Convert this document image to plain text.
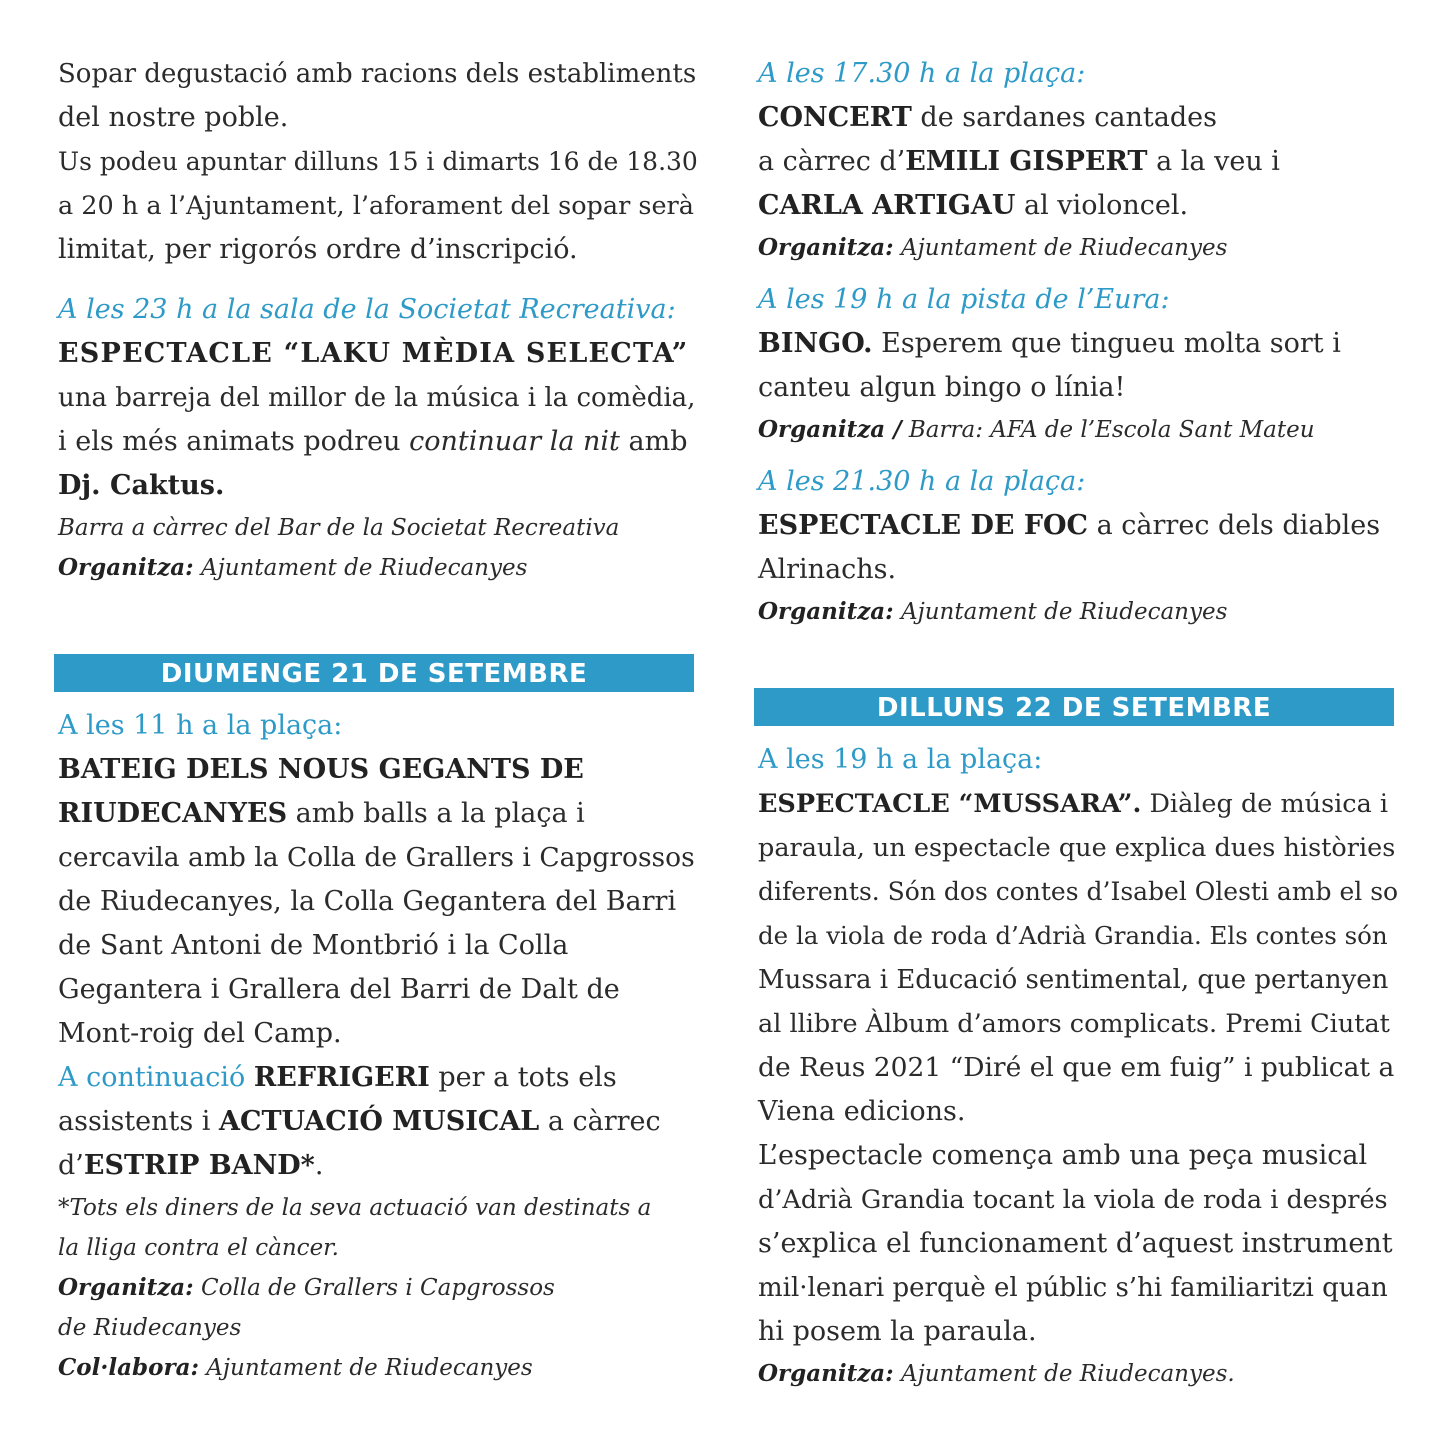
Sopar degustació amb racions dels establiments

del nostre poble.

Us podeu apuntar dilluns 15 i dimarts 16 de 18.30

a 20 h a l’Ajuntament, l’aforament del sopar serà

limitat, per rigorós ordre d’inscripció.

A les 23 h a la sala de la Societat Recreativa:

ESPECTACLE “LAKU MÈDIA SELECTA”

una barreja del millor de la música i la comèdia,

i els més animats podreu continuar la nit amb

Dj. Caktus.

Barra a càrrec del Bar de la Societat Recreativa

Organitza: Ajuntament de Riudecanyes

DIUMENGE 21 DE SETEMBRE

A les 11 h a la plaça:

BATEIG DELS NOUS GEGANTS DE

RIUDECANYES amb balls a la plaça i

cercavila amb la Colla de Grallers i Capgrossos

de Riudecanyes, la Colla Gegantera del Barri

de Sant Antoni de Montbrió i la Colla

Gegantera i Grallera del Barri de Dalt de

Mont-roig del Camp.

A continuació REFRIGERI per a tots els

assistents i ACTUACIÓ MUSICAL a càrrec

d’ESTRIP BAND*.

*Tots els diners de la seva actuació van destinats a

la lliga contra el càncer.

Organitza: Colla de Grallers i Capgrossos

de Riudecanyes

Col·labora: Ajuntament de Riudecanyes

A les 17.30 h a la plaça:

CONCERT de sardanes cantades

a càrrec d’EMILI GISPERT a la veu i

CARLA ARTIGAU al violoncel.

Organitza: Ajuntament de Riudecanyes

A les 19 h a la pista de l’Eura:

BINGO. Esperem que tingueu molta sort i

canteu algun bingo o línia!

Organitza / Barra: AFA de l’Escola Sant Mateu

A les 21.30 h a la plaça:

ESPECTACLE DE FOC a càrrec dels diables

Alrinachs.

Organitza: Ajuntament de Riudecanyes

DILLUNS 22 DE SETEMBRE

A les 19 h a la plaça:

ESPECTACLE “MUSSARA”. Diàleg de música i

paraula, un espectacle que explica dues històries

diferents. Són dos contes d’Isabel Olesti amb el so

de la viola de roda d’Adrià Grandia. Els contes són

Mussara i Educació sentimental, que pertanyen

al llibre Àlbum d’amors complicats. Premi Ciutat

de Reus 2021 “Diré el que em fuig” i publicat a

Viena edicions.

L’espectacle comença amb una peça musical

d’Adrià Grandia tocant la viola de roda i després

s’explica el funcionament d’aquest instrument

mil·lenari perquè el públic s’hi familiaritzi quan

hi posem la paraula.

Organitza: Ajuntament de Riudecanyes.
